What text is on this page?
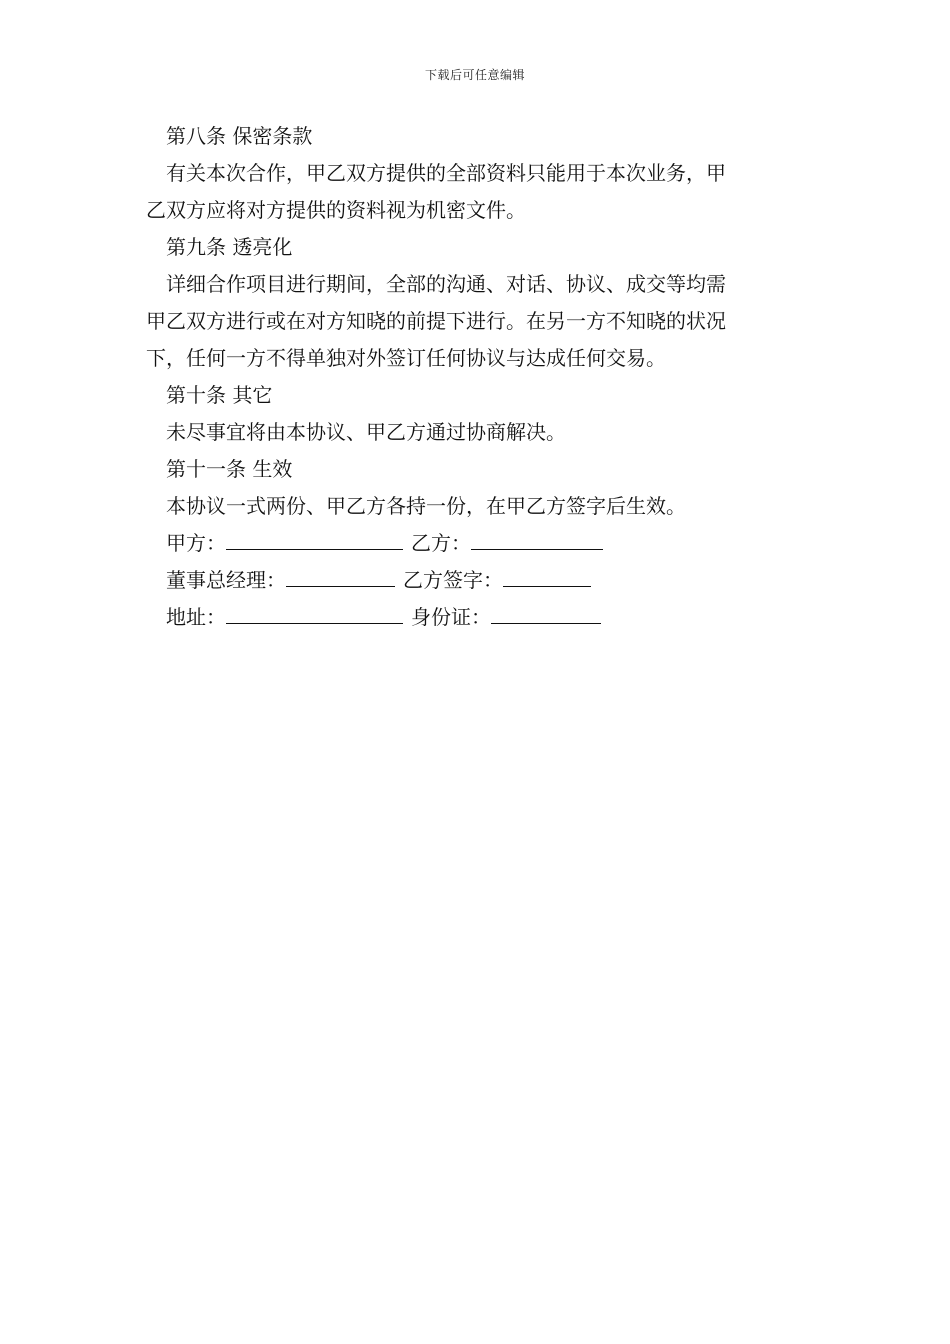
下载后可任意编辑
第八条 保密条款
有关本次合作，甲乙双方提供的全部资料只能用于本次业务，甲
乙双方应将对方提供的资料视为机密文件。
第九条 透亮化
详细合作项目进行期间，全部的沟通、对话、协议、成交等均需
甲乙双方进行或在对方知晓的前提下进行。在另一方不知晓的状况
下，任何一方不得单独对外签订任何协议与达成任何交易。
第十条 其它
未尽事宜将由本协议、甲乙方通过协商解决。
第十一条 生效
本协议一式两份、甲乙方各持一份，在甲乙方签字后生效。
甲方：	乙方：
董事总经理：	乙方签字：
地址：	身份证：
